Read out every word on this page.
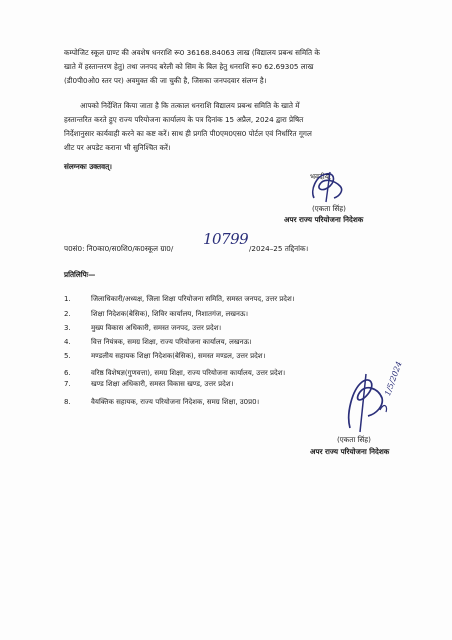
कम्पोजिट स्कूल ग्राण्ट की अवशेष धनराशि रू0 36168.84063 लाख (विद्यालय प्रबन्ध समिति के
खाते में हस्तान्तरण हेतु) तथा जनपद बरेली को सिम के बिल हेतु धनराशि रू0 62.69305 लाख
(डी0पी0ओ0 स्तर पर) अवमुक्त की जा चुकी है, जिसका जनपदवार संलग्न है।
आपको निर्देशित किया जाता है कि तत्काल धनराशि विद्यालय प्रबन्ध समिति के खाते में
हस्तान्तरित करते हुए राज्य परियोजना कार्यालय के पत्र दिनांक 15 अप्रैल, 2024 द्वारा प्रेषित
निर्देशानुसार कार्यवाही करने का कष्ट करें। साथ ही प्रगति पी0एम0एस0 पोर्टल एवं निर्धारित गूगल
शीट पर अपडेट कराना भी सुनिश्चित करें।
संलग्नकः उक्तवत्।
भवदीय,
(एकता सिंह)
अपर राज्य परियोजना निदेशक
प0सं0: नि0का0/स0शि0/क0स्कूल ग्रा0/
10799
/2024–25 तद्दिनांक।
प्रतिलिपिः—
1.	जिलाधिकारी/अध्यक्ष, जिला शिक्षा परियोजना समिति, समस्त जनपद, उत्तर प्रदेश।
2.	शिक्षा निदेशक(बेसिक), शिविर कार्यालय, निशातगंज, लखनऊ।
3.	मुख्य विकास अधिकारी, समस्त जनपद, उत्तर प्रदेश।
4.	वित्त नियंत्रक, समग्र शिक्षा, राज्य परियोजना कार्यालय, लखनऊ।
5.	मण्डलीय सहायक शिक्षा निदेशक(बेसिक), समस्त मण्डल, उत्तर प्रदेश।
6.	वरिष्ठ विशेषज्ञ(गुणवत्ता), समग्र शिक्षा, राज्य परियोजना कार्यालय, उत्तर प्रदेश।
7.	खण्ड शिक्षा अधिकारी, समस्त विकास खण्ड, उत्तर प्रदेश।
8.	वैयक्तिक सहायक, राज्य परियोजना निदेशक, समग्र शिक्षा, उ0प्र0।
1/5/2024
(एकता सिंह)
अपर राज्य परियोजना निदेशक
